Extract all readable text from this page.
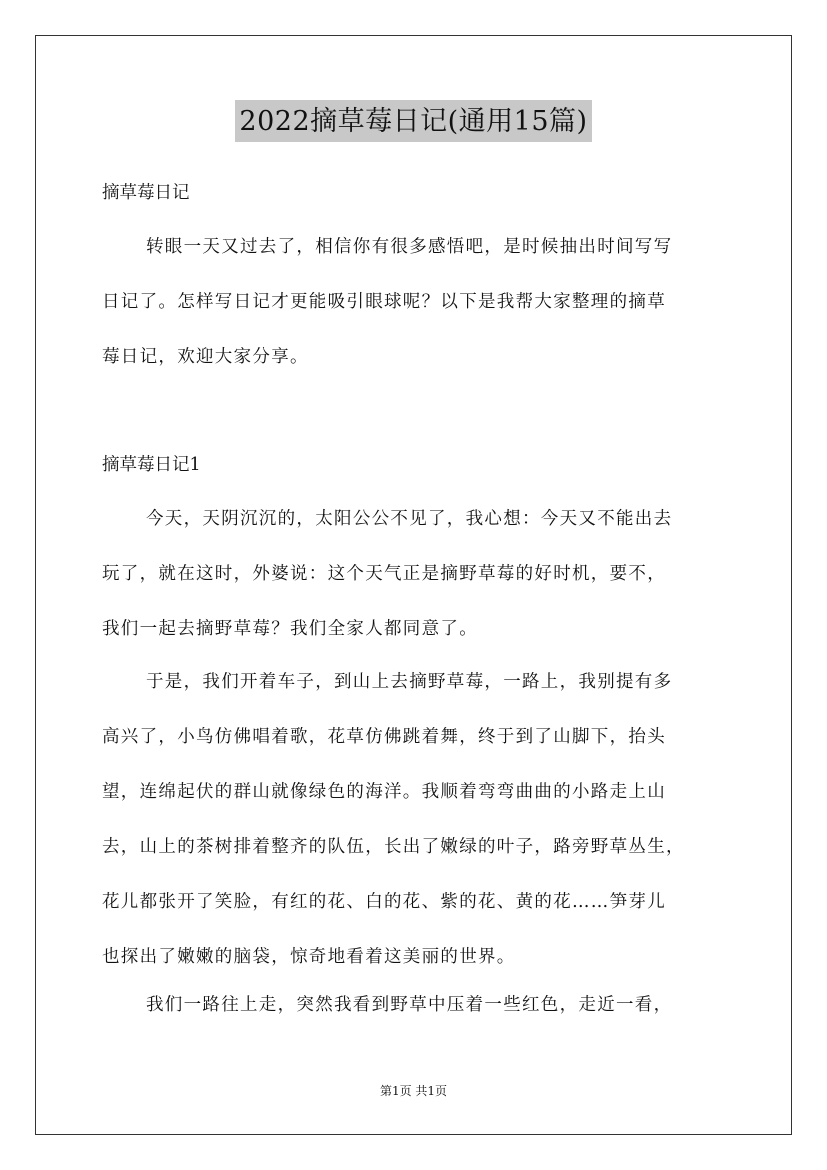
2022摘草莓日记(通用15篇)
摘草莓日记
转眼一天又过去了，相信你有很多感悟吧，是时候抽出时间写写
日记了。怎样写日记才更能吸引眼球呢？以下是我帮大家整理的摘草
莓日记，欢迎大家分享。
摘草莓日记1
今天，天阴沉沉的，太阳公公不见了，我心想：今天又不能出去
玩了，就在这时，外婆说：这个天气正是摘野草莓的好时机，要不，
我们一起去摘野草莓？我们全家人都同意了。
于是，我们开着车子，到山上去摘野草莓，一路上，我别提有多
高兴了，小鸟仿佛唱着歌，花草仿佛跳着舞，终于到了山脚下，抬头
望，连绵起伏的群山就像绿色的海洋。我顺着弯弯曲曲的小路走上山
去，山上的茶树排着整齐的队伍，长出了嫩绿的叶子，路旁野草丛生，
花儿都张开了笑脸，有红的花、白的花、紫的花、黄的花……笋芽儿
也探出了嫩嫩的脑袋，惊奇地看着这美丽的世界。
我们一路往上走，突然我看到野草中压着一些红色，走近一看，
第1页 共1页
